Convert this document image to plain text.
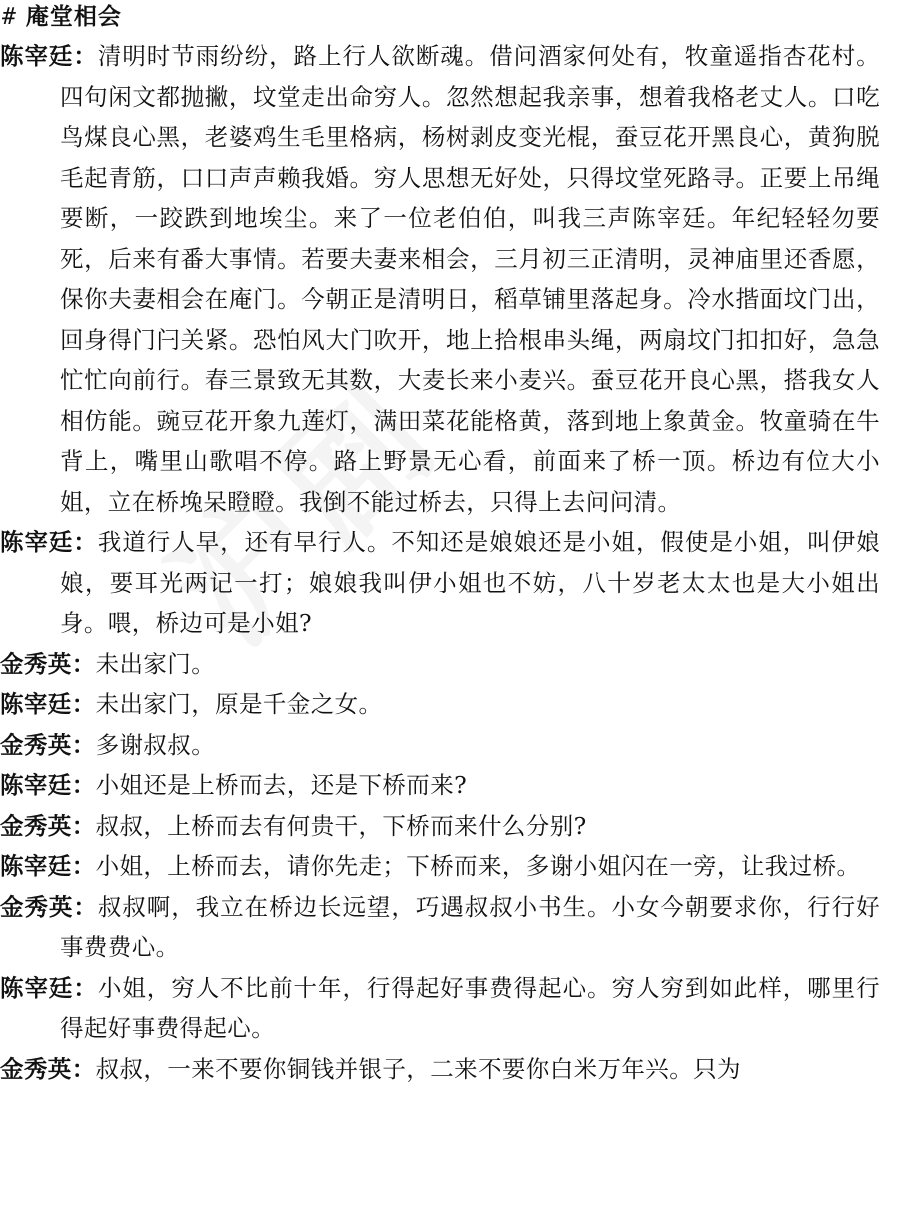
# 庵堂相会

陈宰廷：清明时节雨纷纷，路上行人欲断魂。借问酒家何处有，牧童遥指杏花村。四句闲文都抛撇，坟堂走出命穷人。忽然想起我亲事，想着我格老丈人。口吃鸟煤良心黑，老婆鸡生毛里格病，杨树剥皮变光棍，蚕豆花开黑良心，黄狗脱毛起青筋，口口声声赖我婚。穷人思想无好处，只得坟堂死路寻。正要上吊绳要断，一跤跌到地埃尘。来了一位老伯伯，叫我三声陈宰廷。年纪轻轻勿要死，后来有番大事情。若要夫妻来相会，三月初三正清明，灵神庙里还香愿，保你夫妻相会在庵门。今朝正是清明日，稻草铺里落起身。冷水揩面坟门出，回身得门闩关紧。恐怕风大门吹开，地上拾根串头绳，两扇坟门扣扣好，急急忙忙向前行。春三景致无其数，大麦长来小麦兴。蚕豆花开良心黑，搭我女人相仿能。豌豆花开象九莲灯，满田菜花能格黄，落到地上象黄金。牧童骑在牛背上，嘴里山歌唱不停。路上野景无心看，前面来了桥一顶。桥边有位大小姐，立在桥堍呆瞪瞪。我倒不能过桥去，只得上去问问清。

陈宰廷：我道行人早，还有早行人。不知还是娘娘还是小姐，假使是小姐，叫伊娘娘，要耳光两记一打；娘娘我叫伊小姐也不妨，八十岁老太太也是大小姐出身。喂，桥边可是小姐?

金秀英：未出家门。

陈宰廷：未出家门，原是千金之女。

金秀英：多谢叔叔。

陈宰廷：小姐还是上桥而去，还是下桥而来?

金秀英：叔叔，上桥而去有何贵干，下桥而来什么分别?

陈宰廷：小姐，上桥而去，请你先走；下桥而来，多谢小姐闪在一旁，让我过桥。

金秀英：叔叔啊，我立在桥边长远望，巧遇叔叔小书生。小女今朝要求你，行行好事费费心。

陈宰廷：小姐，穷人不比前十年，行得起好事费得起心。穷人穷到如此样，哪里行得起好事费得起心。

金秀英：叔叔，一来不要你铜钱并银子，二来不要你白米万年兴。只为
